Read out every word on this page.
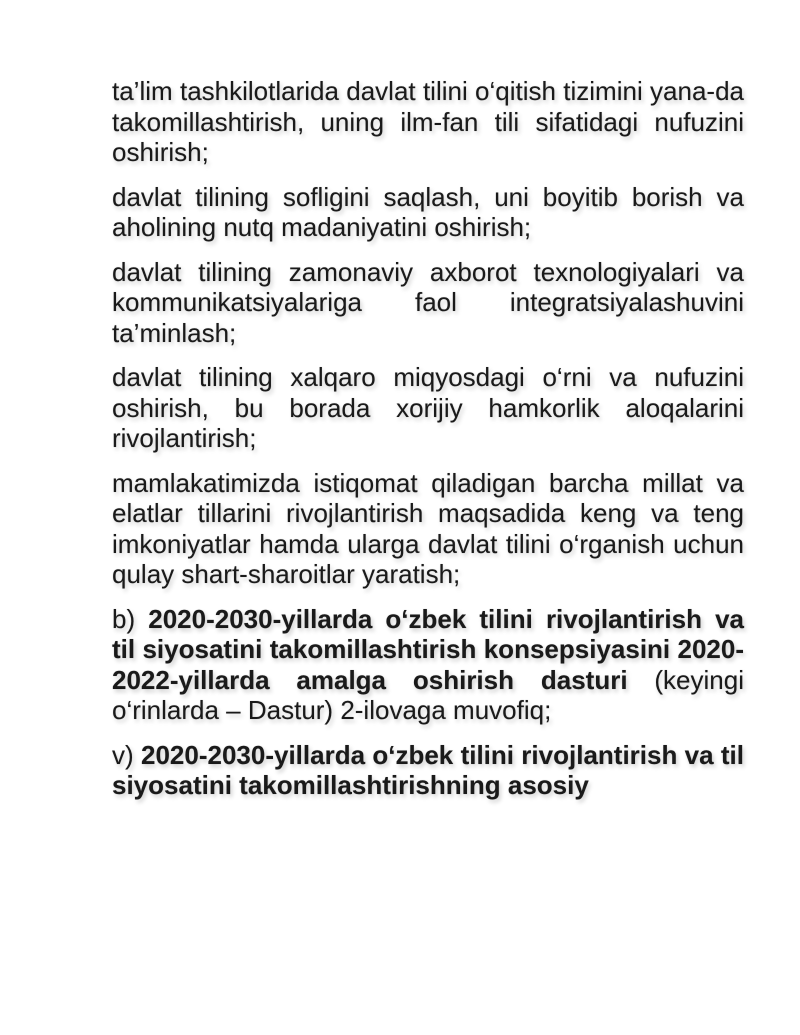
ta’lim tashkilotlarida davlat tilini o‘qitish tizimini yana-da takomillashtirish, uning ilm-fan tili sifatidagi nufuzini oshirish;

davlat tilining sofligini saqlash, uni boyitib borish va aholining nutq madaniyatini oshirish;

davlat tilining zamonaviy axborot texnologiyalari va kommunikatsiyalariga faol integratsiyalashuvini ta’minlash;

davlat tilining xalqaro miqyosdagi o‘rni va nufuzini oshirish, bu borada xorijiy hamkorlik aloqalarini rivojlantirish;

mamlakatimizda istiqomat qiladigan barcha millat va elatlar tillarini rivojlantirish maqsadida keng va teng imkoniyatlar hamda ularga davlat tilini o‘rganish uchun qulay shart-sharoitlar yaratish;

b) 2020-2030-yillarda o‘zbek tilini rivojlantirish va til siyosatini takomillashtirish konsepsiyasini 2020-2022-yillarda amalga oshirish dasturi (keyingi o‘rinlarda – Dastur) 2-ilovaga muvofiq;

v) 2020-2030-yillarda o‘zbek tilini rivojlantirish va til siyosatini takomillashtirishning asosiy
